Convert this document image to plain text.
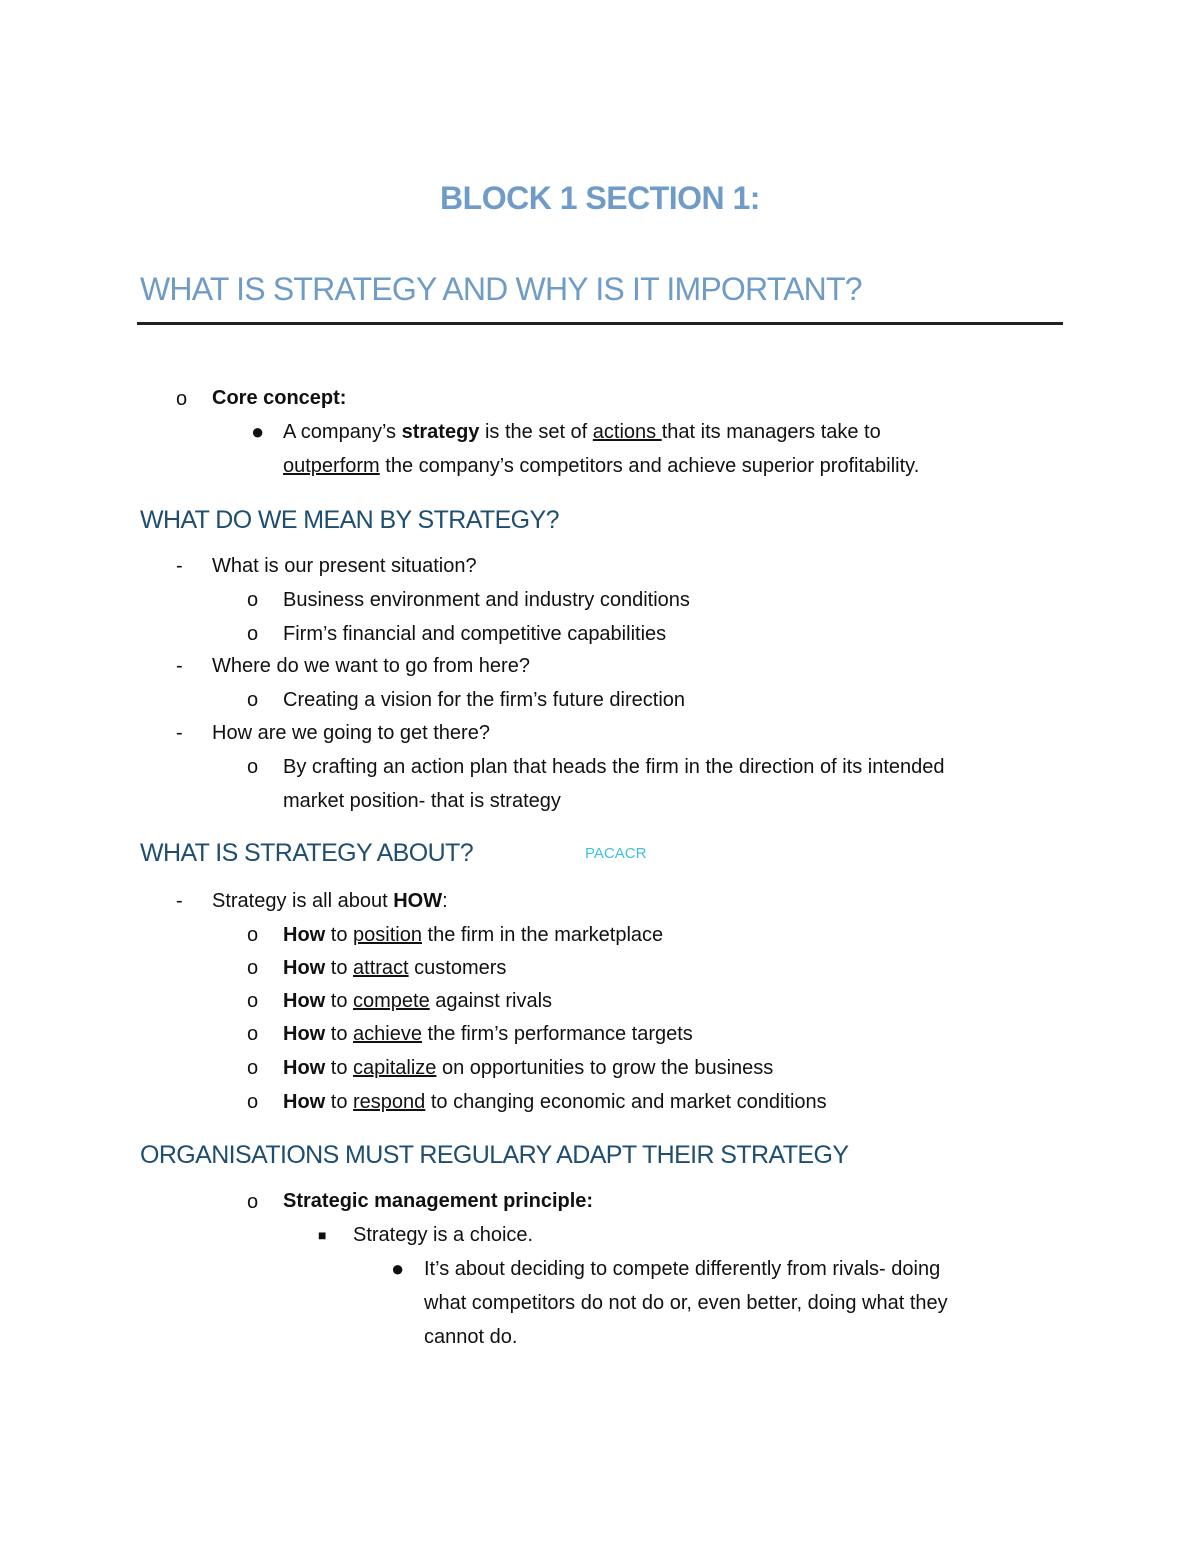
BLOCK 1 SECTION 1:
WHAT IS STRATEGY AND WHY IS IT IMPORTANT?
o Core concept:
● A company’s strategy is the set of actions that its managers take to
outperform the company’s competitors and achieve superior profitability.
WHAT DO WE MEAN BY STRATEGY?
- What is our present situation?
o Business environment and industry conditions
o Firm’s financial and competitive capabilities
- Where do we want to go from here?
o Creating a vision for the firm’s future direction
- How are we going to get there?
o By crafting an action plan that heads the firm in the direction of its intended
market position- that is strategy
WHAT IS STRATEGY ABOUT?	PACACR
- Strategy is all about HOW:
o How to position the firm in the marketplace
o How to attract customers
o How to compete against rivals
o How to achieve the firm’s performance targets
o How to capitalize on opportunities to grow the business
o How to respond to changing economic and market conditions
ORGANISATIONS MUST REGULARY ADAPT THEIR STRATEGY
o Strategic management principle:
■ Strategy is a choice.
● It’s about deciding to compete differently from rivals- doing
what competitors do not do or, even better, doing what they
cannot do.
